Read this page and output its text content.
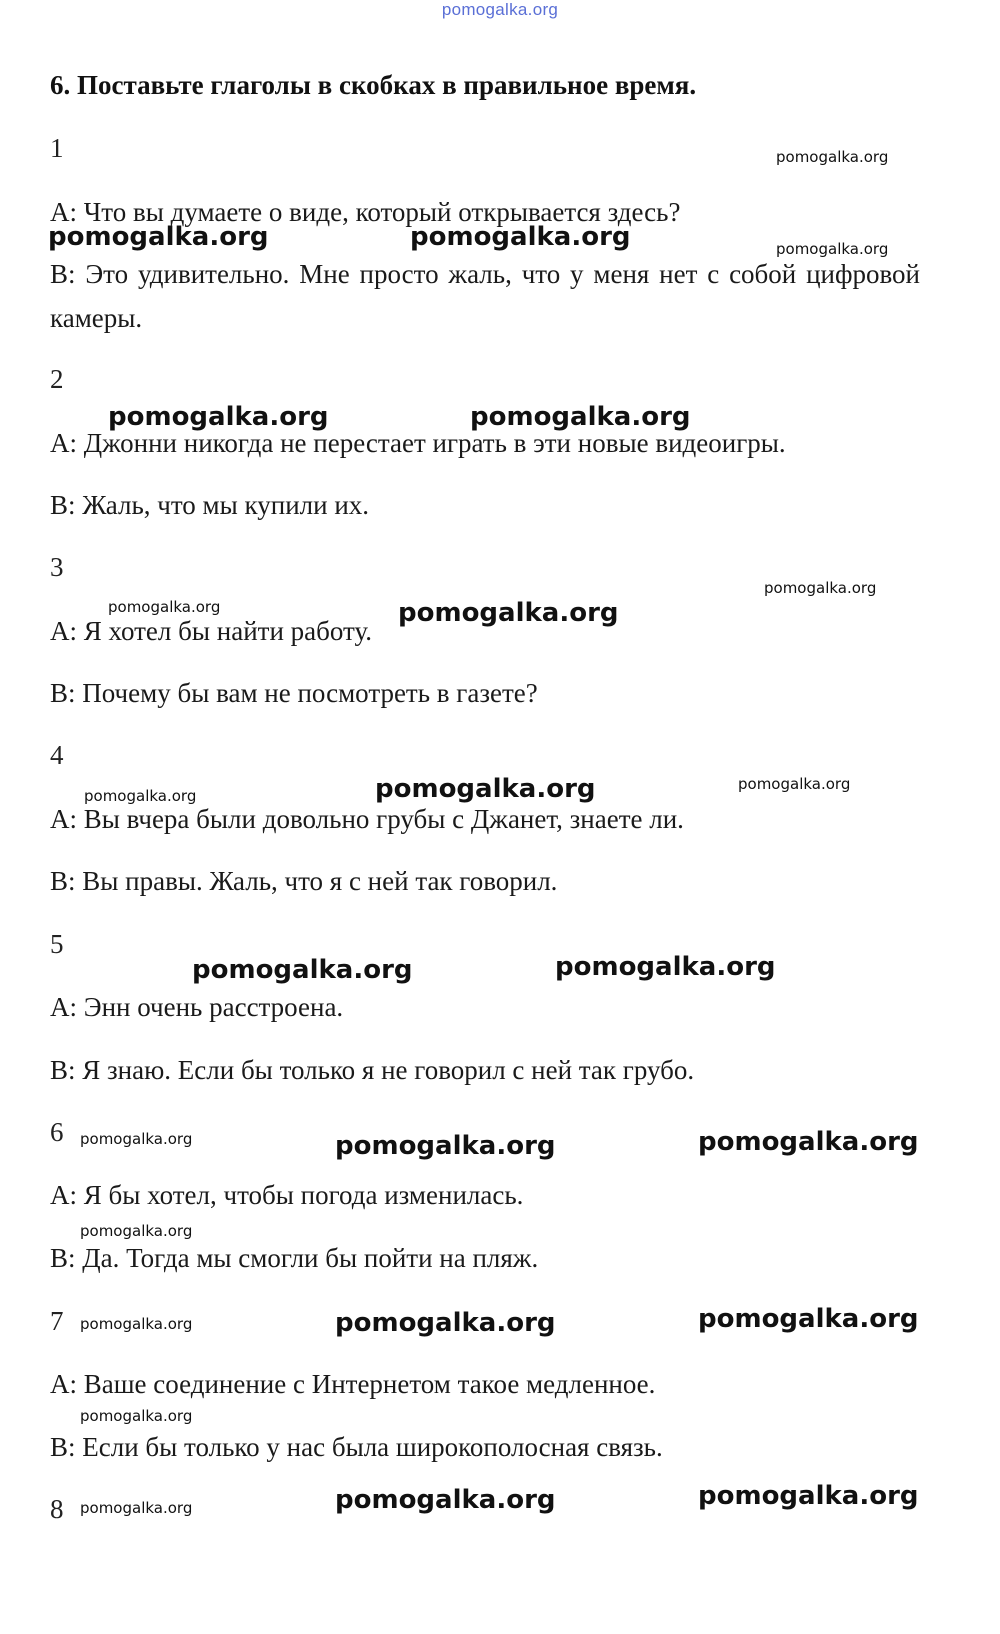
pomogalka.org
6. Поставьте глаголы в скобках в правильное время.
1

А: Что вы думаете о виде, который открывается здесь?

В: Это удивительно. Мне просто жаль, что у меня нет с собой цифровой камеры.

2

А: Джонни никогда не перестает играть в эти новые видеоигры.

В: Жаль, что мы купили их.

3

А: Я хотел бы найти работу.

В: Почему бы вам не посмотреть в газете?

4

А: Вы вчера были довольно грубы с Джанет, знаете ли.

В: Вы правы. Жаль, что я с ней так говорил.

5

А: Энн очень расстроена.

В: Я знаю. Если бы только я не говорил с ней так грубо.

6

А: Я бы хотел, чтобы погода изменилась.

В: Да. Тогда мы смогли бы пойти на пляж.

7

А: Ваше соединение с Интернетом такое медленное.

В: Если бы только у нас была широкополосная связь.

8
pomogalka.org
pomogalka.org	pomogalka.org	pomogalka.org
pomogalka.org	pomogalka.org
pomogalka.org
pomogalka.org	pomogalka.org
pomogalka.org	pomogalka.org
pomogalka.org
pomogalka.org
pomogalka.org
pomogalka.org	pomogalka.org
pomogalka.org
pomogalka.org
pomogalka.org	pomogalka.org
pomogalka.org
pomogalka.org
pomogalka.org	pomogalka.org
pomogalka.org
